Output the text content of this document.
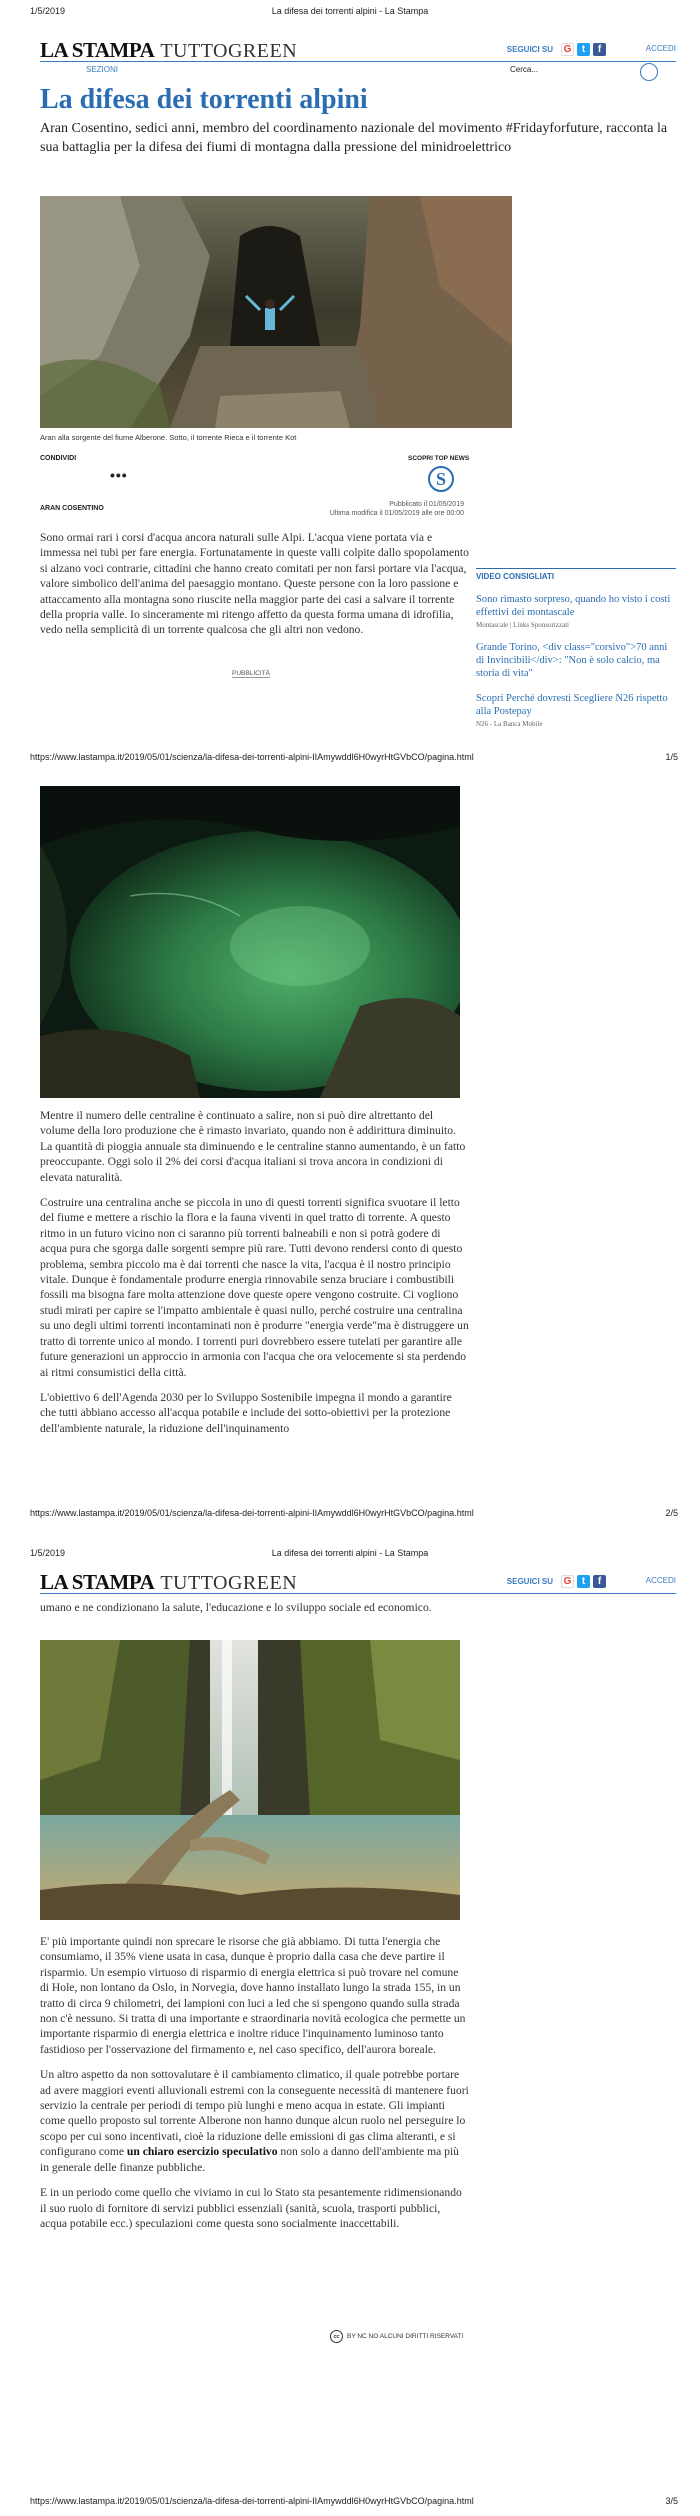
1/5/2019	La difesa dei torrenti alpini - La Stampa
LA STAMPA TUTTOGREEN	SEGUICI SU G	t	f	ACCEDI
SEZIONI	Cerca...
La difesa dei torrenti alpini

Aran Cosentino, sedici anni, membro del coordinamento nazionale del movimento #Fridayforfuture, racconta la sua battaglia per la difesa dei fiumi di montagna dalla pressione del minidroelettrico

Aran alla sorgente del fiume Alberone. Sotto, il torrente Rieca e il torrente Kot
CONDIVIDI
•••
SCOPRI TOP NEWS
S
ARAN COSENTINO
Pubblicato il 01/05/2019
Ultima modifica il 01/05/2019 alle ore 00:00

Sono ormai rari i corsi d'acqua ancora naturali sulle Alpi. L'acqua viene portata via e immessa nei tubi per fare energia. Fortunatamente in queste valli colpite dallo spopolamento si alzano voci contrarie, cittadini che hanno creato comitati per non farsi portare via l'acqua, valore simbolico dell'anima del paesaggio montano. Queste persone con la loro passione e attaccamento alla montagna sono riuscite nella maggior parte dei casi a salvare il torrente della propria valle. Io sinceramente mi ritengo affetto da questa forma umana di idrofilia, vedo nella semplicità di un torrente qualcosa che gli altri non vedono.

PUBBLICITÀ
VIDEO CONSIGLIATI
Sono rimasto sorpreso, quando ho visto i costi effettivi dei montascale
Montascale | Links Sponsorizzati
Grande Torino, <div class="corsivo">70 anni di Invincibili</div>: "Non è solo calcio, ma storia di vita"
Scopri Perché dovresti Scegliere N26 rispetto alla Postepay
N26 - La Banca Mobile
https://www.lastampa.it/2019/05/01/scienza/la-difesa-dei-torrenti-alpini-IIAmywddl6H0wyrHtGVbCO/pagina.html	1/5

Mentre il numero delle centraline è continuato a salire, non si può dire altrettanto del volume della loro produzione che è rimasto invariato, quando non è addirittura diminuito. La quantità di pioggia annuale sta diminuendo e le centraline stanno aumentando, è un fatto preoccupante. Oggi solo il 2% dei corsi d'acqua italiani si trova ancora in condizioni di elevata naturalità.

Costruire una centralina anche se piccola in uno di questi torrenti significa svuotare il letto del fiume e mettere a rischio la flora e la fauna viventi in quel tratto di torrente. A questo ritmo in un futuro vicino non ci saranno più torrenti balneabili e non si potrà godere di acqua pura che sgorga dalle sorgenti sempre più rare. Tutti devono rendersi conto di questo problema, sembra piccolo ma è dai torrenti che nasce la vita, l'acqua è il nostro principio vitale. Dunque è fondamentale produrre energia rinnovabile senza bruciare i combustibili fossili ma bisogna fare molta attenzione dove queste opere vengono costruite. Ci vogliono studi mirati per capire se l'impatto ambientale è quasi nullo, perché costruire una centralina su uno degli ultimi torrenti incontaminati non è produrre "energia verde"ma è distruggere un tratto di torrente unico al mondo. I torrenti puri dovrebbero essere tutelati per garantire alle future generazioni un approccio in armonia con l'acqua che ora velocemente si sta perdendo ai ritmi consumistici della città.

L'obiettivo 6 dell'Agenda 2030 per lo Sviluppo Sostenibile impegna il mondo a garantire che tutti abbiano accesso all'acqua potabile e include dei sotto-obiettivi per la protezione dell'ambiente naturale, la riduzione dell'inquinamento

https://www.lastampa.it/2019/05/01/scienza/la-difesa-dei-torrenti-alpini-IIAmywddl6H0wyrHtGVbCO/pagina.html	2/5
1/5/2019	La difesa dei torrenti alpini - La Stampa
LA STAMPA TUTTOGREEN	SEGUICI SU G	t	f	ACCEDI

umano e ne condizionano la salute, l'educazione e lo sviluppo sociale ed economico.

E' più importante quindi non sprecare le risorse che già abbiamo. Di tutta l'energia che consumiamo, il 35% viene usata in casa, dunque è proprio dalla casa che deve partire il risparmio. Un esempio virtuoso di risparmio di energia elettrica si può trovare nel comune di Hole, non lontano da Oslo, in Norvegia, dove hanno installato lungo la strada 155, in un tratto di circa 9 chilometri, dei lampioni con luci a led che si spengono quando sulla strada non c'è nessuno. Si tratta di una importante e straordinaria novità ecologica che permette un importante risparmio di energia elettrica e inoltre riduce l'inquinamento luminoso tanto fastidioso per l'osservazione del firmamento e, nel caso specifico, dell'aurora boreale.

Un altro aspetto da non sottovalutare è il cambiamento climatico, il quale potrebbe portare ad avere maggiori eventi alluvionali estremi con la conseguente necessità di mantenere fuori servizio la centrale per periodi di tempo più lunghi e meno acqua in estate. Gli impianti come quello proposto sul torrente Alberone non hanno dunque alcun ruolo nel perseguire lo scopo per cui sono incentivati, cioè la riduzione delle emissioni di gas clima alteranti, e si configurano come un chiaro esercizio speculativo non solo a danno dell'ambiente ma più in generale delle finanze pubbliche.

E in un periodo come quello che viviamo in cui lo Stato sta pesantemente ridimensionando il suo ruolo di fornitore di servizi pubblici essenziali (sanità, scuola, trasporti pubblici, acqua potabile ecc.) speculazioni come questa sono socialmente inaccettabili.

cc	BY NC NO ALCUNI DIRITTI RISERVATI
https://www.lastampa.it/2019/05/01/scienza/la-difesa-dei-torrenti-alpini-IIAmywddl6H0wyrHtGVbCO/pagina.html	3/5
